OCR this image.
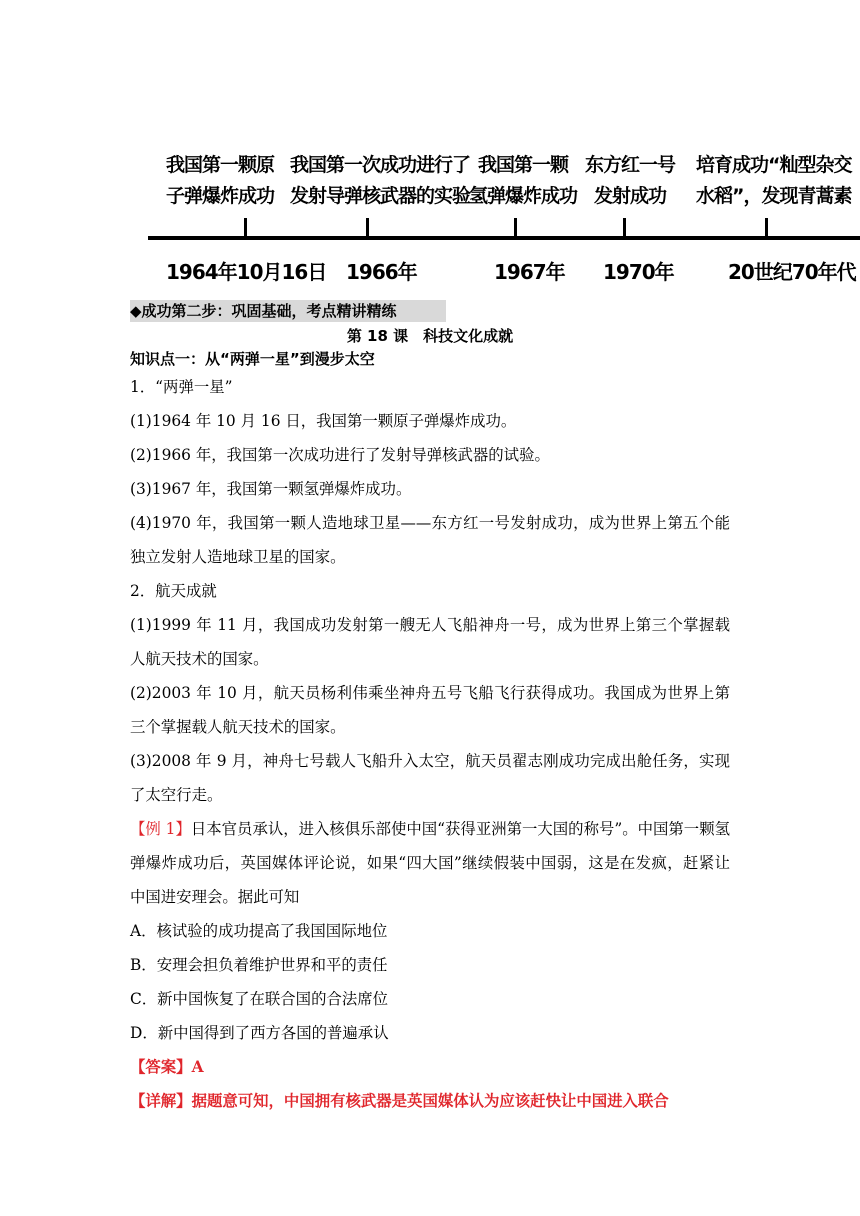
我国第一颗原
子弹爆炸成功
我国第一次成功进行了
发射导弹核武器的实验
我国第一颗
氢弹爆炸成功
东方红一号
发射成功
培育成功“籼型杂交
水稻”，发现青蒿素
1964年10月16日 1966年	1967年 1970年	20世纪70年代
◆成功第二步：巩固基础，考点精讲精练
第 18 课　科技文化成就
知识点一：从“两弹一星”到漫步太空
1．“两弹一星”
(1)1964 年 10 月 16 日，我国第一颗原子弹爆炸成功。
(2)1966 年，我国第一次成功进行了发射导弹核武器的试验。
(3)1967 年，我国第一颗氢弹爆炸成功。
(4)1970 年，我国第一颗人造地球卫星——东方红一号发射成功，成为世界上第五个能独立发射人造地球卫星的国家。
2．航天成就
(1)1999 年 11 月，我国成功发射第一艘无人飞船神舟一号，成为世界上第三个掌握载人航天技术的国家。
(2)2003 年 10 月，航天员杨利伟乘坐神舟五号飞船飞行获得成功。我国成为世界上第三个掌握载人航天技术的国家。
(3)2008 年 9 月，神舟七号载人飞船升入太空，航天员翟志刚成功完成出舱任务，实现了太空行走。
【例 1】日本官员承认，进入核俱乐部使中国“获得亚洲第一大国的称号”。中国第一颗氢弹爆炸成功后，英国媒体评论说，如果“四大国”继续假装中国弱，这是在发疯，赶紧让中国进安理会。据此可知
A．核试验的成功提高了我国国际地位
B．安理会担负着维护世界和平的责任
C．新中国恢复了在联合国的合法席位
D．新中国得到了西方各国的普遍承认
【答案】A
【详解】据题意可知，中国拥有核武器是英国媒体认为应该赶快让中国进入联合
